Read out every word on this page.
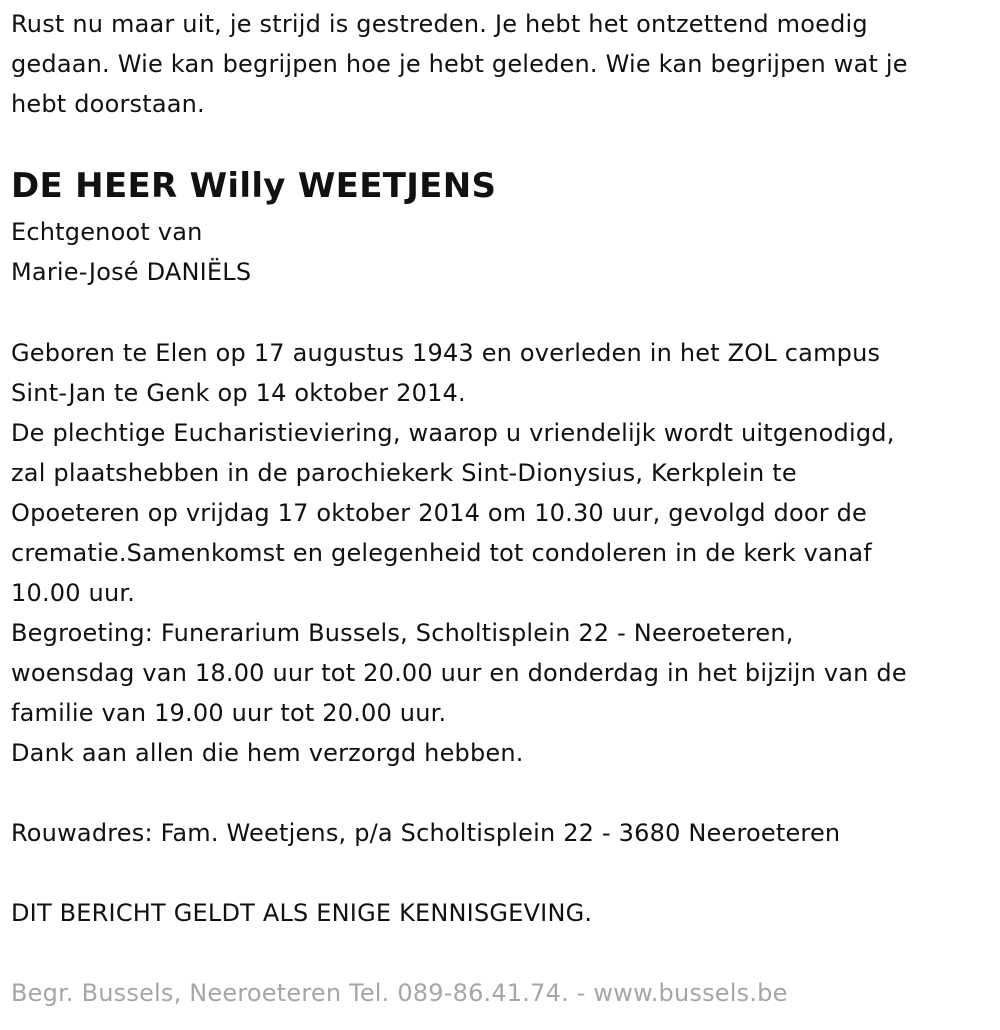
Rust nu maar uit, je strijd is gestreden. Je hebt het ontzettend moedig
gedaan. Wie kan begrijpen hoe je hebt geleden. Wie kan begrijpen wat je
hebt doorstaan.
DE HEER Willy WEETJENS
Echtgenoot van
Marie-José DANIËLS
Geboren te Elen op 17 augustus 1943 en overleden in het ZOL campus
Sint-Jan te Genk op 14 oktober 2014.
De plechtige Eucharistieviering, waarop u vriendelijk wordt uitgenodigd,
zal plaatshebben in de parochiekerk Sint-Dionysius, Kerkplein te
Opoeteren op vrijdag 17 oktober 2014 om 10.30 uur, gevolgd door de
crematie.Samenkomst en gelegenheid tot condoleren in de kerk vanaf
10.00 uur.
Begroeting: Funerarium Bussels, Scholtisplein 22 - Neeroeteren,
woensdag van 18.00 uur tot 20.00 uur en donderdag in het bijzijn van de
familie van 19.00 uur tot 20.00 uur.
Dank aan allen die hem verzorgd hebben.
Rouwadres: Fam. Weetjens, p/a Scholtisplein 22 - 3680 Neeroeteren
DIT BERICHT GELDT ALS ENIGE KENNISGEVING.
Begr. Bussels, Neeroeteren Tel. 089-86.41.74. - www.bussels.be
